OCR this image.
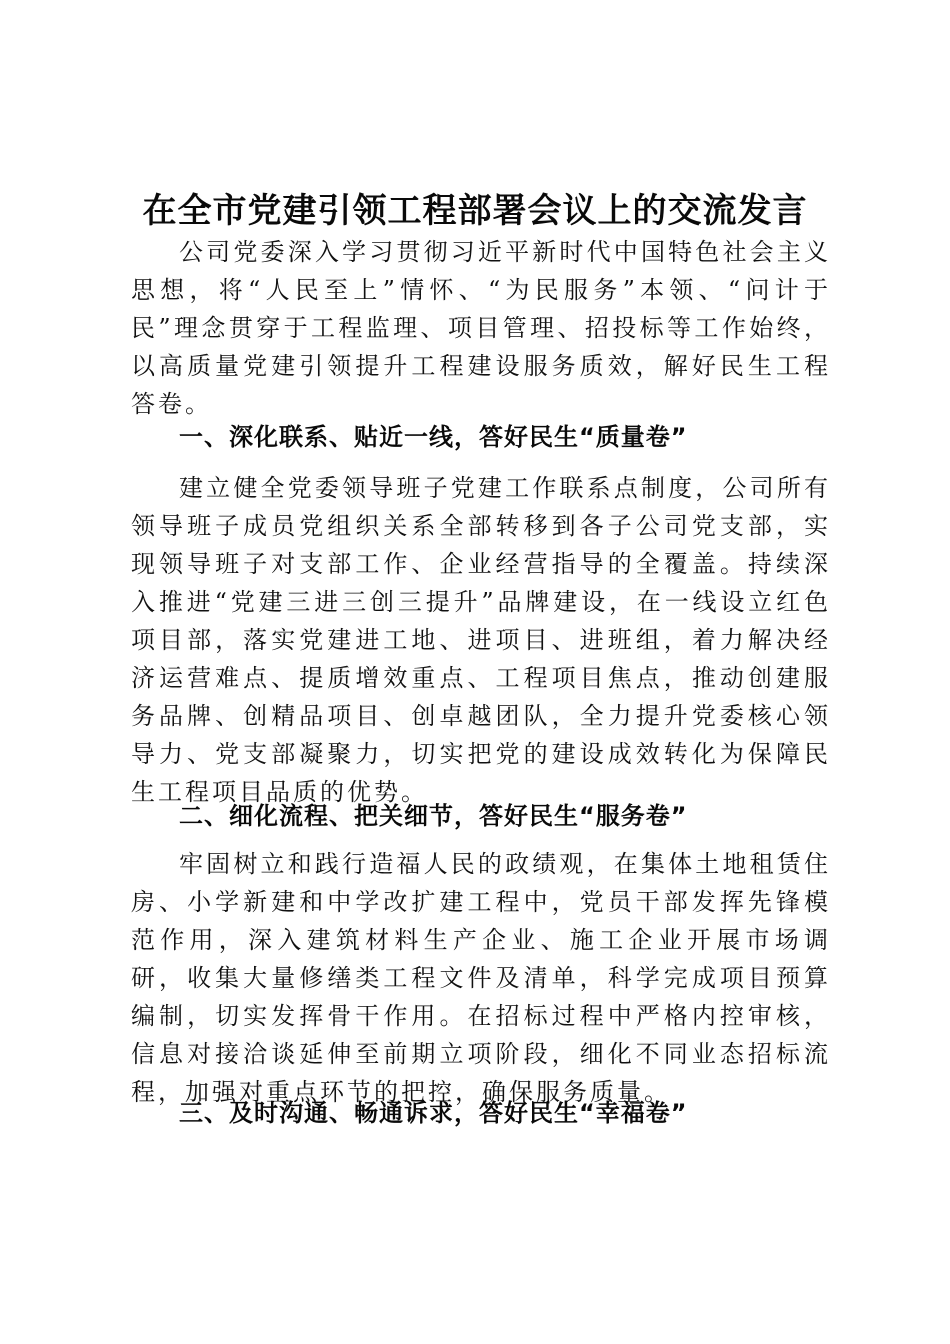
在全市党建引领工程部署会议上的交流发言

公司党委深入学习贯彻习近平新时代中国特色社会主义思想，将“人民至上”情怀、“为民服务”本领、“问计于民”理念贯穿于工程监理、项目管理、招投标等工作始终，以高质量党建引领提升工程建设服务质效，解好民生工程答卷。

一、深化联系、贴近一线，答好民生“质量卷”

建立健全党委领导班子党建工作联系点制度，公司所有领导班子成员党组织关系全部转移到各子公司党支部，实现领导班子对支部工作、企业经营指导的全覆盖。持续深入推进“党建三进三创三提升”品牌建设，在一线设立红色项目部，落实党建进工地、进项目、进班组，着力解决经济运营难点、提质增效重点、工程项目焦点，推动创建服务品牌、创精品项目、创卓越团队，全力提升党委核心领导力、党支部凝聚力，切实把党的建设成效转化为保障民生工程项目品质的优势。

二、细化流程、把关细节，答好民生“服务卷”

牢固树立和践行造福人民的政绩观，在集体土地租赁住房、小学新建和中学改扩建工程中，党员干部发挥先锋模范作用，深入建筑材料生产企业、施工企业开展市场调研，收集大量修缮类工程文件及清单，科学完成项目预算编制，切实发挥骨干作用。在招标过程中严格内控审核，信息对接洽谈延伸至前期立项阶段，细化不同业态招标流程，加强对重点环节的把控，确保服务质量。

三、及时沟通、畅通诉求，答好民生“幸福卷”
